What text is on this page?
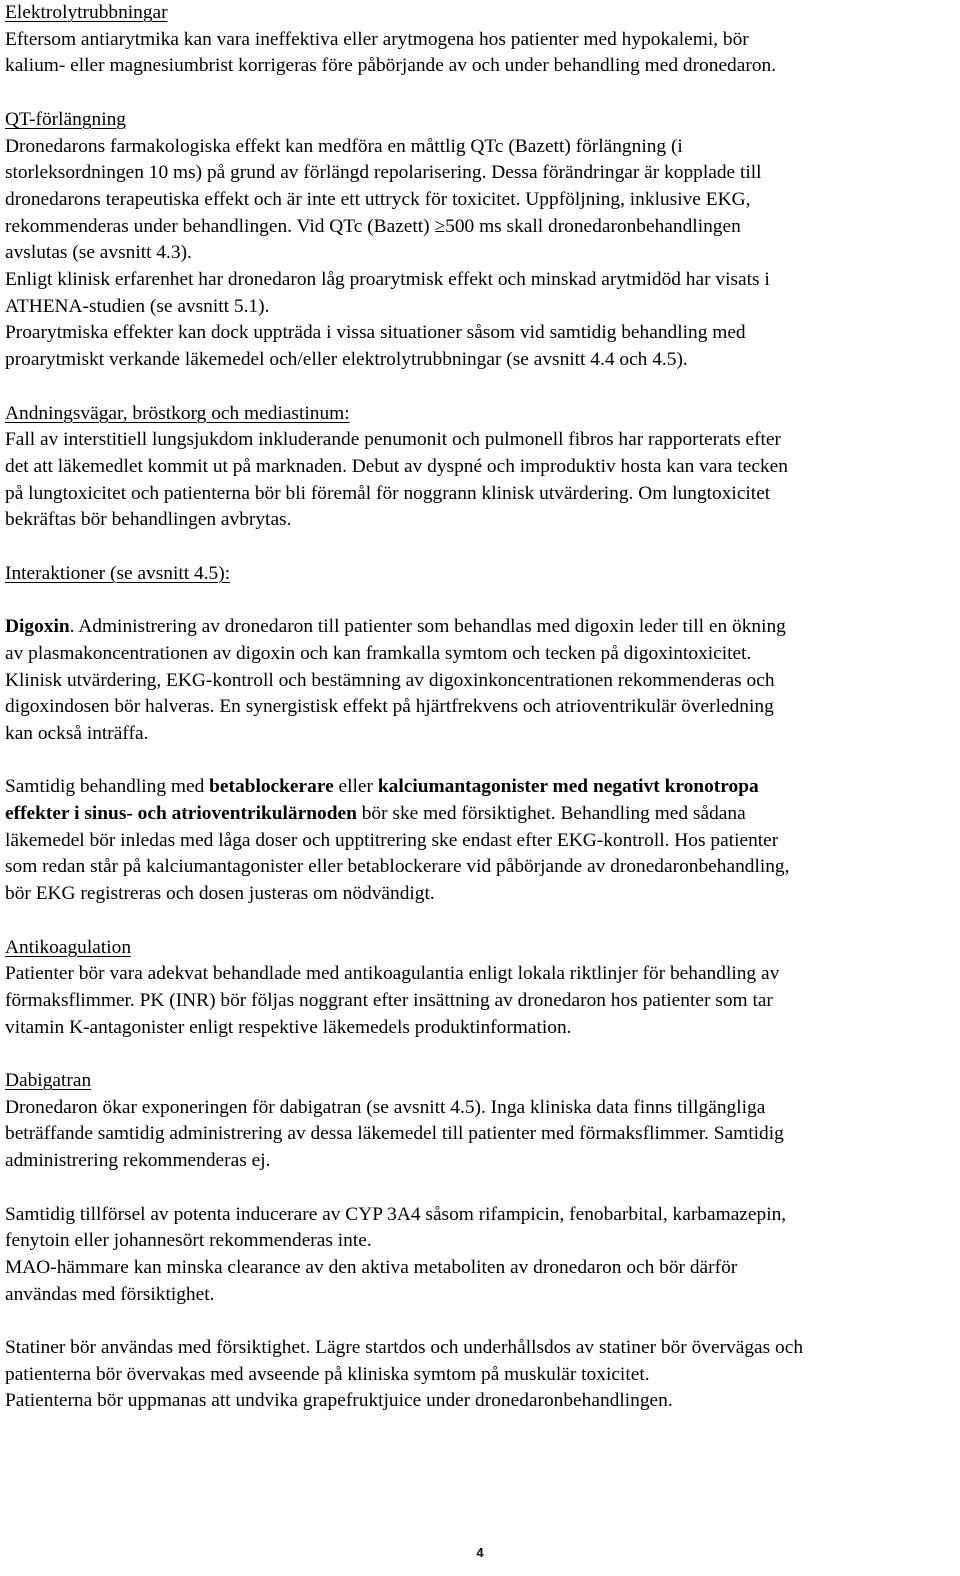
Elektrolytrubbningar

Eftersom antiarytmika kan vara ineffektiva eller arytmogena hos patienter med hypokalemi, bör

kalium- eller magnesiumbrist korrigeras före påbörjande av och under behandling med dronedaron.

QT-förlängning

Dronedarons farmakologiska effekt kan medföra en måttlig QTc (Bazett) förlängning (i

storleksordningen 10 ms) på grund av förlängd repolarisering. Dessa förändringar är kopplade till

dronedarons terapeutiska effekt och är inte ett uttryck för toxicitet. Uppföljning, inklusive EKG,

rekommenderas under behandlingen. Vid QTc (Bazett) ≥500 ms skall dronedaronbehandlingen

avslutas (se avsnitt 4.3).

Enligt klinisk erfarenhet har dronedaron låg proarytmisk effekt och minskad arytmidöd har visats i

ATHENA-studien (se avsnitt 5.1).

Proarytmiska effekter kan dock uppträda i vissa situationer såsom vid samtidig behandling med

proarytmiskt verkande läkemedel och/eller elektrolytrubbningar (se avsnitt 4.4 och 4.5).

Andningsvägar, bröstkorg och mediastinum:

Fall av interstitiell lungsjukdom inkluderande penumonit och pulmonell fibros har rapporterats efter

det att läkemedlet kommit ut på marknaden. Debut av dyspné och improduktiv hosta kan vara tecken

på lungtoxicitet och patienterna bör bli föremål för noggrann klinisk utvärdering. Om lungtoxicitet

bekräftas bör behandlingen avbrytas.

Interaktioner (se avsnitt 4.5):

Digoxin. Administrering av dronedaron till patienter som behandlas med digoxin leder till en ökning

av plasmakoncentrationen av digoxin och kan framkalla symtom och tecken på digoxintoxicitet.

Klinisk utvärdering, EKG-kontroll och bestämning av digoxinkoncentrationen rekommenderas och

digoxindosen bör halveras. En synergistisk effekt på hjärtfrekvens och atrioventrikulär överledning

kan också inträffa.

Samtidig behandling med betablockerare eller kalciumantagonister med negativt kronotropa

effekter i sinus- och atrioventrikulärnoden bör ske med försiktighet. Behandling med sådana

läkemedel bör inledas med låga doser och upptitrering ske endast efter EKG-kontroll. Hos patienter

som redan står på kalciumantagonister eller betablockerare vid påbörjande av dronedaronbehandling,

bör EKG registreras och dosen justeras om nödvändigt.

Antikoagulation

Patienter bör vara adekvat behandlade med antikoagulantia enligt lokala riktlinjer för behandling av

förmaksflimmer. PK (INR) bör följas noggrant efter insättning av dronedaron hos patienter som tar

vitamin K-antagonister enligt respektive läkemedels produktinformation.

Dabigatran

Dronedaron ökar exponeringen för dabigatran (se avsnitt 4.5). Inga kliniska data finns tillgängliga

beträffande samtidig administrering av dessa läkemedel till patienter med förmaksflimmer. Samtidig

administrering rekommenderas ej.

Samtidig tillförsel av potenta inducerare av CYP 3A4 såsom rifampicin, fenobarbital, karbamazepin,

fenytoin eller johannesört rekommenderas inte.

MAO-hämmare kan minska clearance av den aktiva metaboliten av dronedaron och bör därför

användas med försiktighet.

Statiner bör användas med försiktighet. Lägre startdos och underhållsdos av statiner bör övervägas och

patienterna bör övervakas med avseende på kliniska symtom på muskulär toxicitet.

Patienterna bör uppmanas att undvika grapefruktjuice under dronedaronbehandlingen.

4
